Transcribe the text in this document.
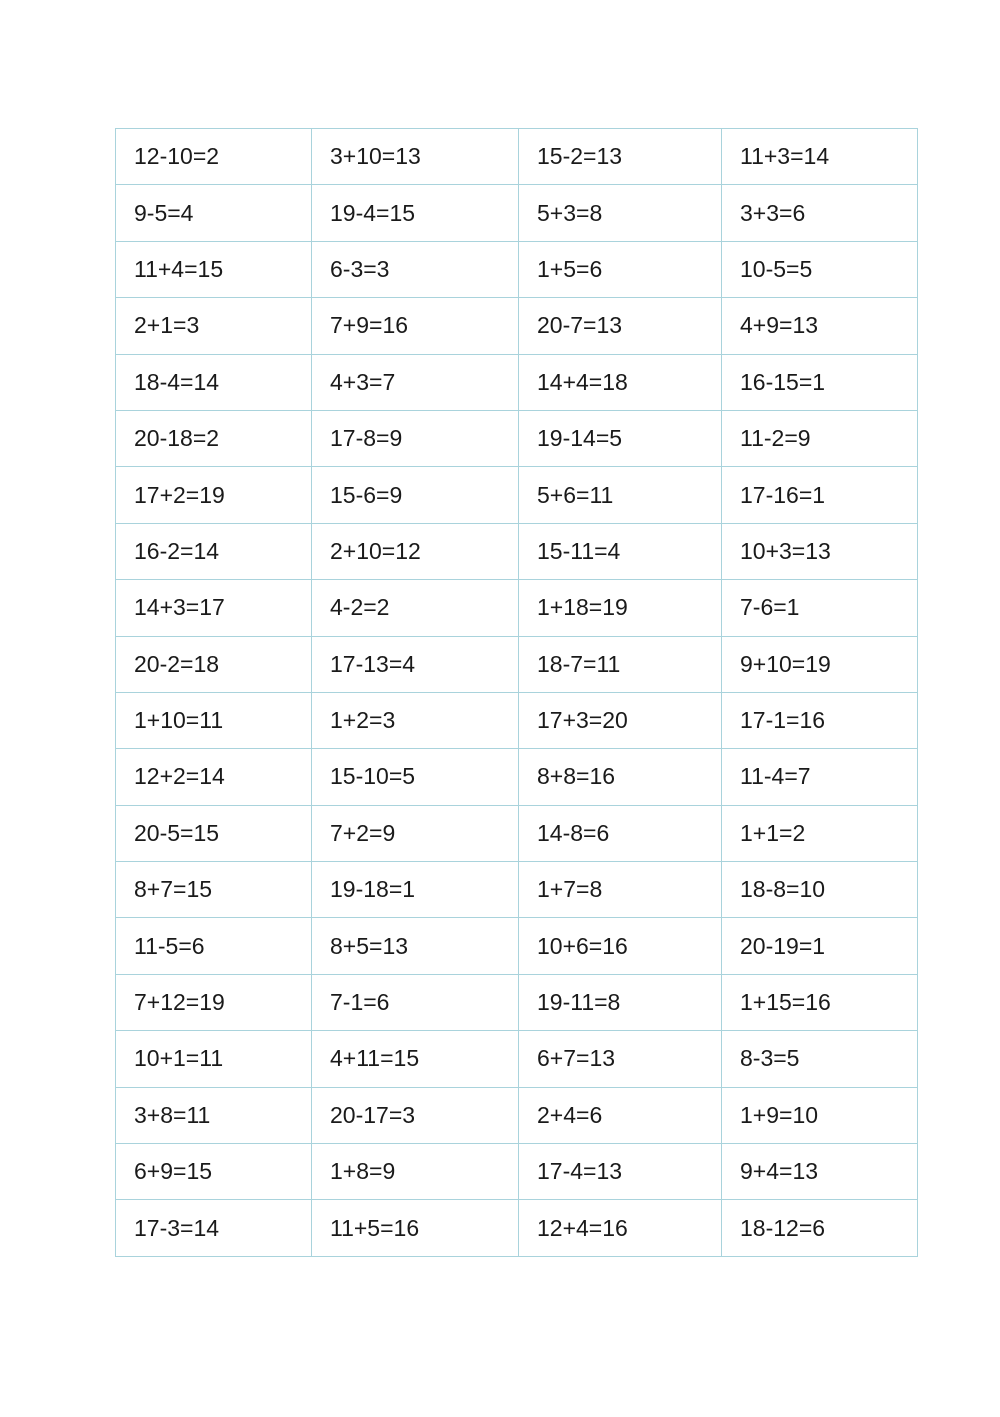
12-10=2	3+10=13	15-2=13	11+3=14
9-5=4	19-4=15	5+3=8	3+3=6
11+4=15	6-3=3	1+5=6	10-5=5
2+1=3	7+9=16	20-7=13	4+9=13
18-4=14	4+3=7	14+4=18	16-15=1
20-18=2	17-8=9	19-14=5	11-2=9
17+2=19	15-6=9	5+6=11	17-16=1
16-2=14	2+10=12	15-11=4	10+3=13
14+3=17	4-2=2	1+18=19	7-6=1
20-2=18	17-13=4	18-7=11	9+10=19
1+10=11	1+2=3	17+3=20	17-1=16
12+2=14	15-10=5	8+8=16	11-4=7
20-5=15	7+2=9	14-8=6	1+1=2
8+7=15	19-18=1	1+7=8	18-8=10
11-5=6	8+5=13	10+6=16	20-19=1
7+12=19	7-1=6	19-11=8	1+15=16
10+1=11	4+11=15	6+7=13	8-3=5
3+8=11	20-17=3	2+4=6	1+9=10
6+9=15	1+8=9	17-4=13	9+4=13
17-3=14	11+5=16	12+4=16	18-12=6
